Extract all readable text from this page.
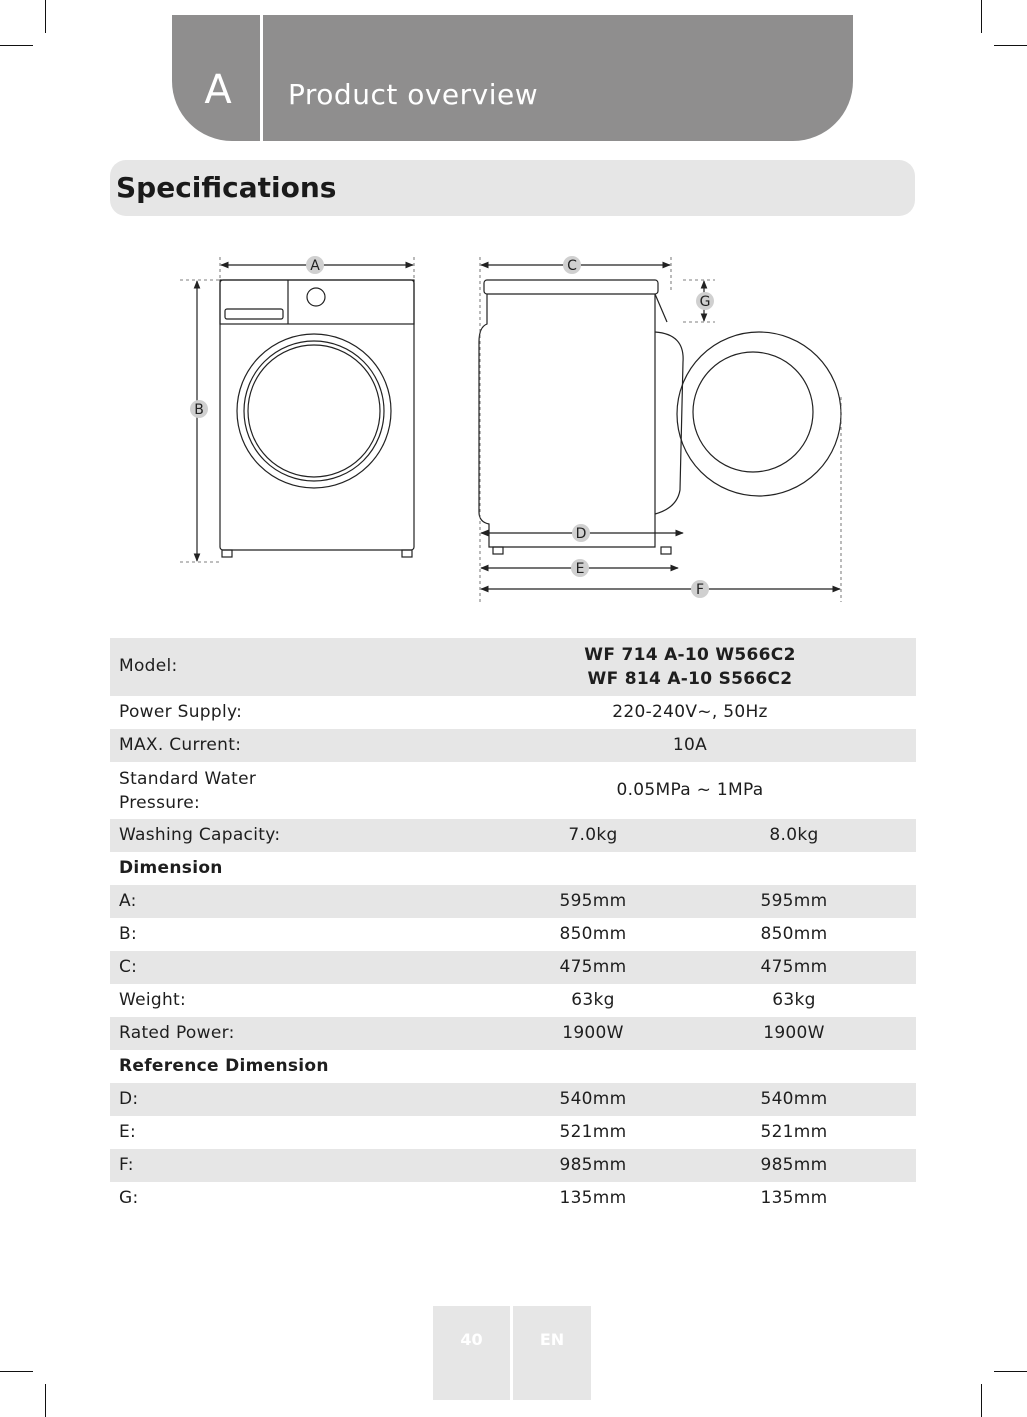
A Product overview
Specifications
A
B
C
G
D
E
F
Model:
WF 714 A-10 W566C2
WF 814 A-10 S566C2
Power Supply:	220-240V~, 50Hz
MAX. Current:	10A
Standard Water
Pressure:
0.05MPa ~ 1MPa
Washing Capacity:	7.0kg	8.0kg
Dimension
A:	595mm	595mm
B:	850mm	850mm
C:	475mm	475mm
Weight:	63kg	63kg
Rated Power:	1900W	1900W
Reference Dimension
D:	540mm	540mm
E:	521mm	521mm
F:	985mm	985mm
G:	135mm	135mm
40	EN
